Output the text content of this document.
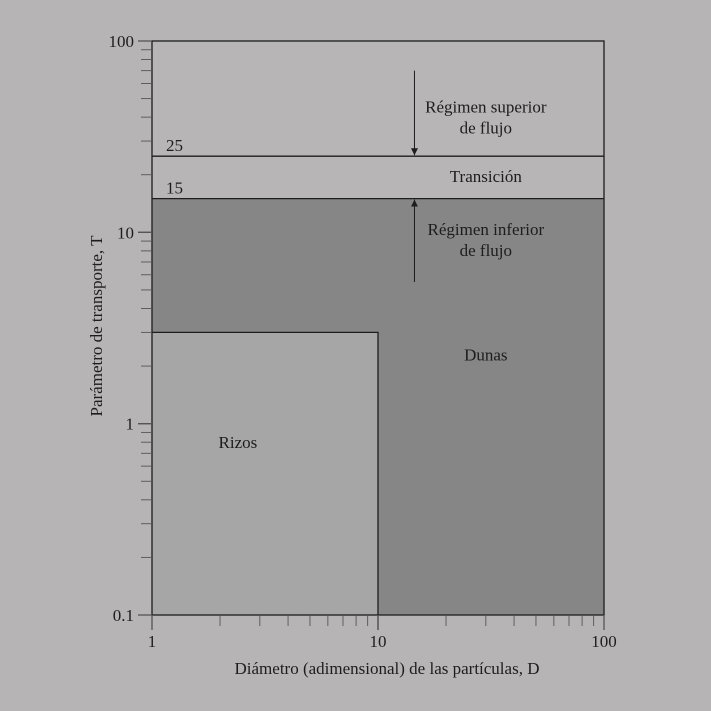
1	10	100
0.1
1
10
100
25
15
Régimen superior de flujo
Transición
Régimen inferior de flujo
Dunas
Rizos
Diámetro (adimensional) de las partículas, D
Parámetro de transporte, T
